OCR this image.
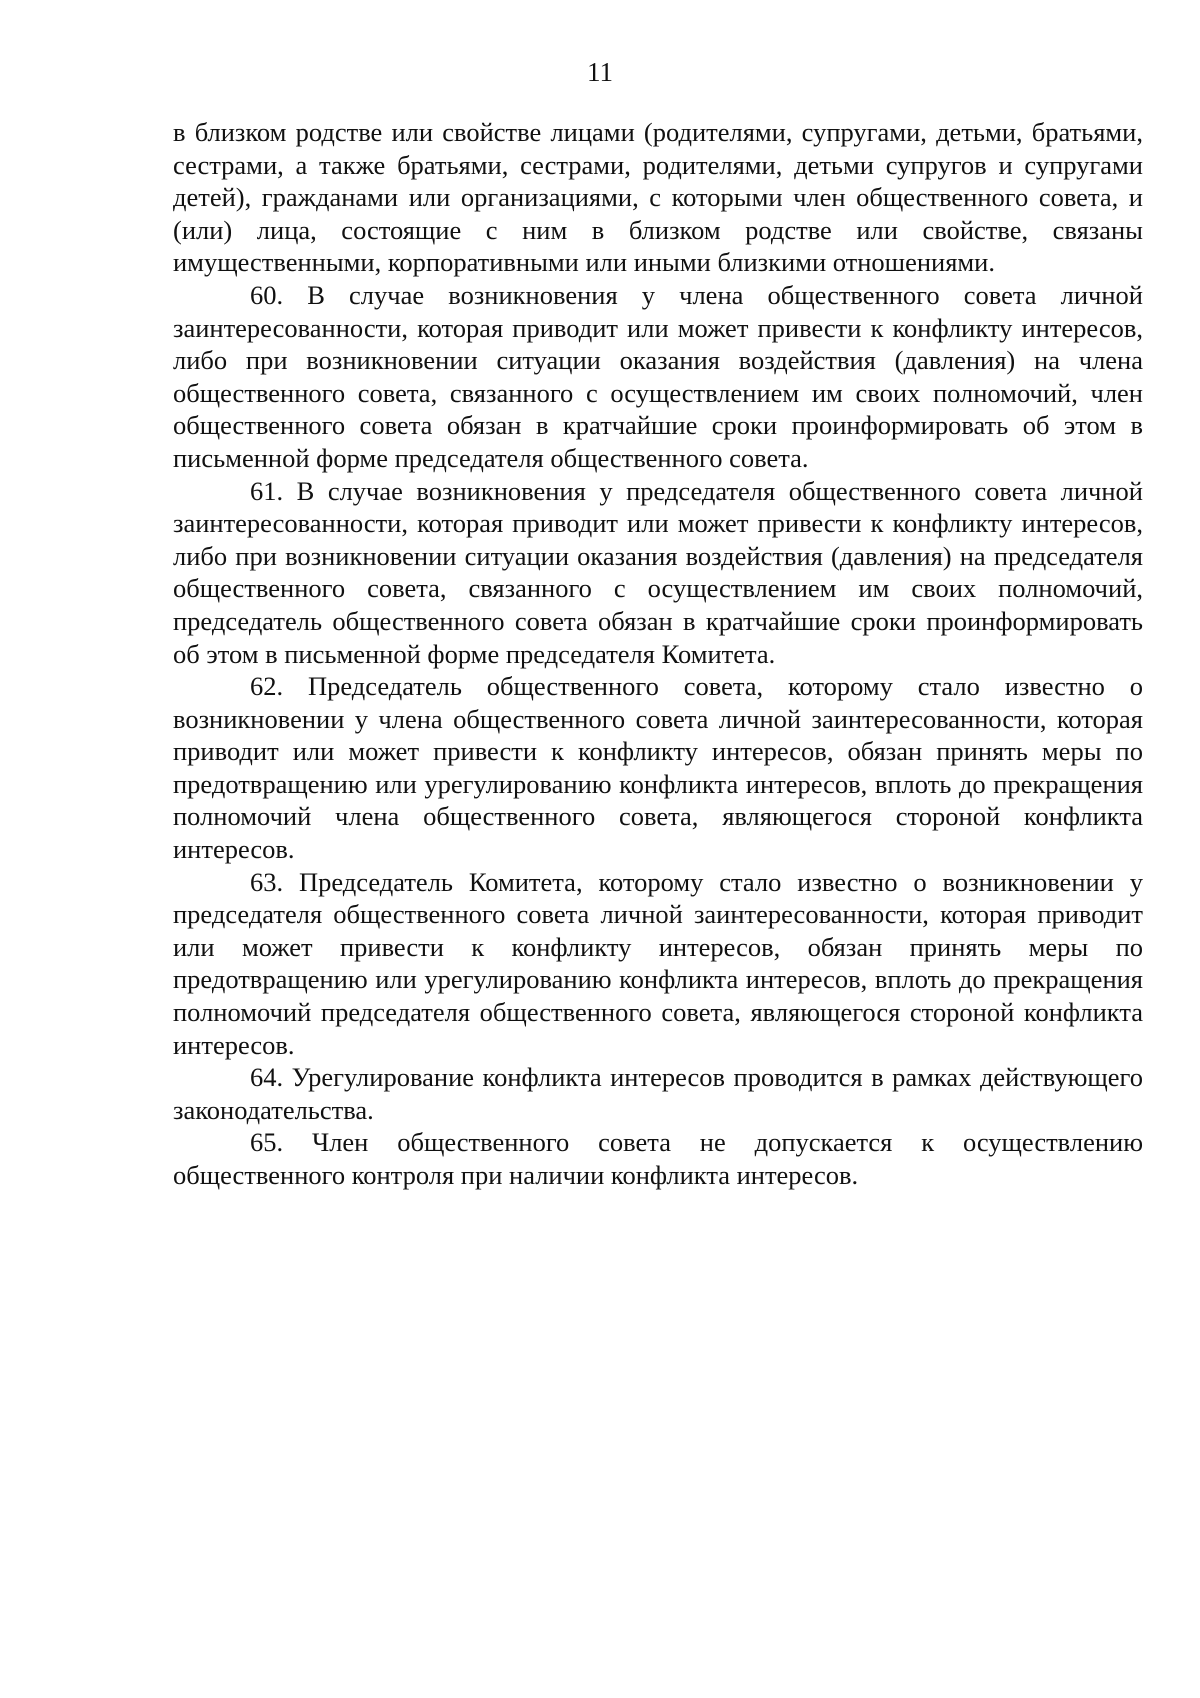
11

в близком родстве или свойстве лицами (родителями, супругами, детьми, братьями, сестрами, а также братьями, сестрами, родителями, детьми супругов и супругами детей), гражданами или организациями, с которыми член общественного совета, и (или) лица, состоящие с ним в близком родстве или свойстве, связаны имущественными, корпоративными или иными близкими отношениями.

60. В случае возникновения у члена общественного совета личной заинтересованности, которая приводит или может привести к конфликту интересов, либо при возникновении ситуации оказания воздействия (давления) на члена общественного совета, связанного с осуществлением им своих полномочий, член общественного совета обязан в кратчайшие сроки проинформировать об этом в письменной форме председателя общественного совета.

61. В случае возникновения у председателя общественного совета личной заинтересованности, которая приводит или может привести к конфликту интересов, либо при возникновении ситуации оказания воздействия (давления) на председателя общественного совета, связанного с осуществлением им своих полномочий, председатель общественного совета обязан в кратчайшие сроки проинформировать об этом в письменной форме председателя Комитета.

62. Председатель общественного совета, которому стало известно о возникновении у члена общественного совета личной заинтересованности, которая приводит или может привести к конфликту интересов, обязан принять меры по предотвращению или урегулированию конфликта интересов, вплоть до прекращения полномочий члена общественного совета, являющегося стороной конфликта интересов.

63. Председатель Комитета, которому стало известно о возникновении у председателя общественного совета личной заинтересованности, которая приводит или может привести к конфликту интересов, обязан принять меры по предотвращению или урегулированию конфликта интересов, вплоть до прекращения полномочий председателя общественного совета, являющегося стороной конфликта интересов.

64. Урегулирование конфликта интересов проводится в рамках действующего законодательства.

65. Член общественного совета не допускается к осуществлению общественного контроля при наличии конфликта интересов.
